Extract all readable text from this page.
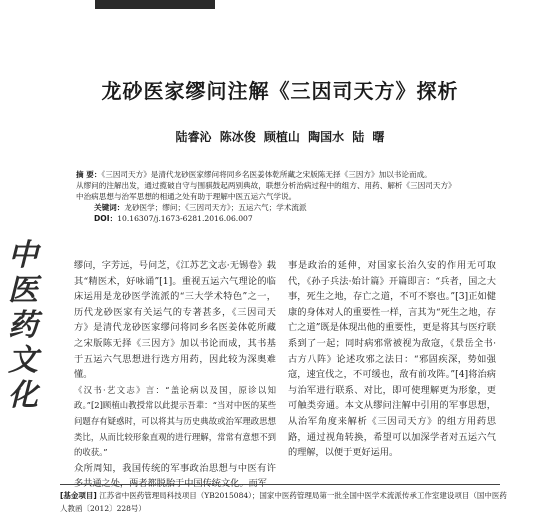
龙砂医家缪问注解《三因司天方》探析
陆睿沁 陈冰俊 顾植山 陶国水 陆 曙
摘 要：《三因司天方》是清代龙砂医家缪问将同乡名医姜体乾所藏之宋版陈无择《三因方》加以书论而成。
从缪问的注解出发，通过揽破自守与围骐鼓起两别典故，联想分析治病过程中的组方、用药、解析《三因司天方》
中治病思想与治军思想的相通之处有助于理解中医五运六气学说。
关键词：龙砂医学；缪问；《三因司天方》；五运六气；学术流派
DOI：10.16307/j.1673-6281.2016.06.007
中
医
药
文
化

缪问，字芳远，号问芝，《江苏艺文志·无锡卷》载其“精医术，好咏诵”[1]。重视五运六气理论的临床运用是龙砂医学流派的“三大学术特色”之一，历代龙砂医家有关运气的专著甚多，《三因司天方》是清代龙砂医家缪问将同乡名医姜体乾所藏之宋版陈无择《三因方》加以书论而成，其书基于五运六气思想进行选方用药，因此较为深奥难懂。

《汉书·艺文志》言：“盖论病以及国，原诊以知政。”[2]顾植山教授常以此提示吾辈：“当对中医的某些问题存有疑惑时，可以将其与历史典故或治军理政思想类比，从而比较形象直观的进行理解，常常有意想不到的收获。”

众所周知，我国传统的军事政治思想与中医有许多共通之处，两者都脱胎于中国传统文化。而军

事是政治的延伸，对国家长治久安的作用无可取代，《孙子兵法·始计篇》开篇即言：“兵者，国之大事，死生之地，存亡之道，不可不察也。”[3]正如健康的身体对人的重要性一样，言其为“死生之地，存亡之道”既是体现出他的重要性，更是将其与医疗联系到了一起；同时病邪常被视为敌寇，《景岳全书·古方八阵》论述攻邪之法日：“邪固疾深，势如强寇，速宜伐之，不可缓也，敌有前攻阵。”[4]将治病与治军进行联系、对比，即可使理解更为形象，更可触类旁通。本文从缪问注解中引用的军事思想，从治军角度来解析《三因司天方》的组方用药思路，通过视角转换，希望可以加深学者对五运六气的理解，以便于更好运用。

[基金项目] 江苏省中医药管理局科技项目（YB2015084）；国家中医药管理局第一批全国中医学术流派传承工作室建设项目（国中医药人教函〔2012〕228号）
